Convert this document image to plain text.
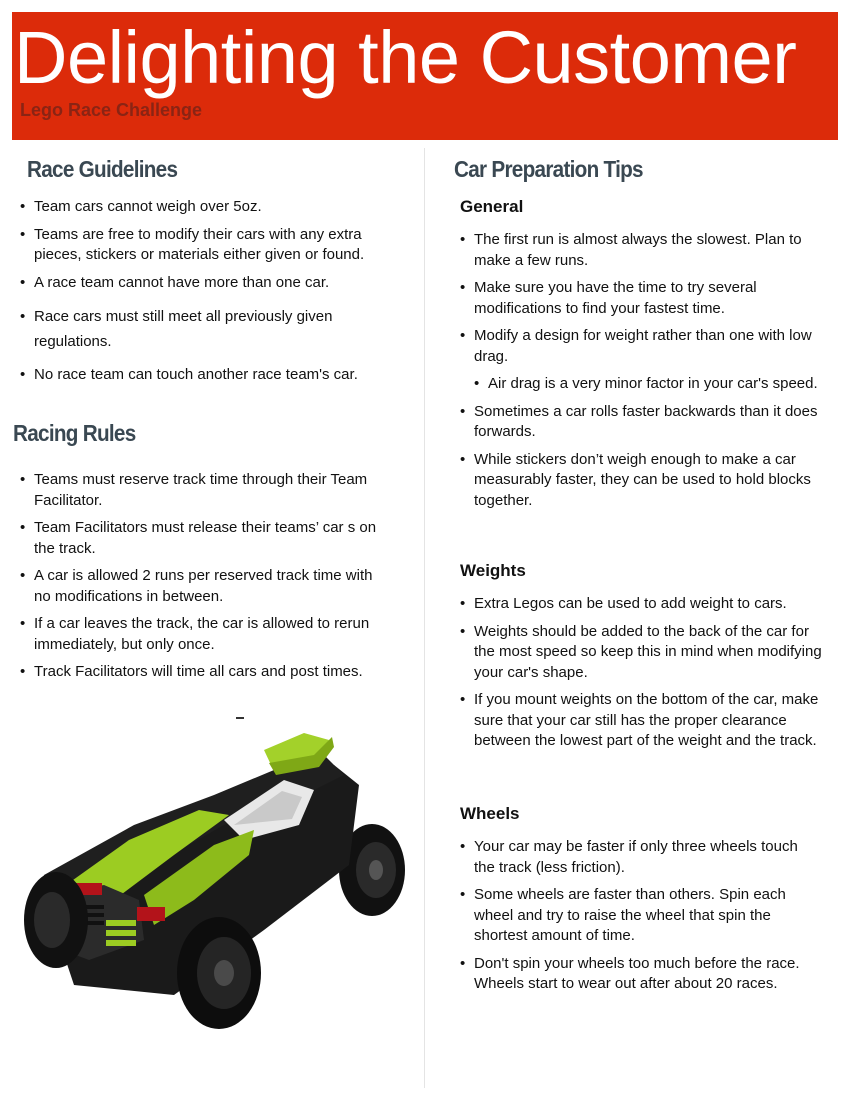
Delighting the Customer
Lego Race Challenge
Race Guidelines
• Team cars cannot weigh over 5oz.
• Teams are free to modify their cars with any extra pieces, stickers or materials either given or found.
• A race team cannot have more than one car.
• Race cars must still meet all previously given regulations.
• No race team can touch another race team's car.
Racing Rules
• Teams must reserve track time through their Team Facilitator.
• Team Facilitators must release their teams’ car s on the track.
• A car is allowed 2 runs per reserved track time with no modifications in between.
• If a car leaves the track, the car is allowed to rerun immediately, but only once.
• Track Facilitators will time all cars and post times.
Car Preparation Tips
General
• The first run is almost always the slowest. Plan to make a few runs.
• Make sure you have the time to try several modifications to find your fastest time.
• Modify a design for weight rather than one with low drag.
• Air drag is a very minor factor in your car's speed.
• Sometimes a car rolls faster backwards than it does forwards.
• While stickers don’t weigh enough to make a car measurably faster, they can be used to hold blocks together.
Weights
• Extra Legos can be used to add weight to cars.
• Weights should be added to the back of the car for the most speed so keep this in mind when modifying your car's shape.
• If you mount weights on the bottom of the car, make sure that your car still has the proper clearance between the lowest part of the weight and the track.
Wheels
• Your car may be faster if only three wheels touch the track (less friction).
• Some wheels are faster than others. Spin each wheel and try to raise the wheel that spin the shortest amount of time.
• Don't spin your wheels too much before the race. Wheels start to wear out after about 20 races.
